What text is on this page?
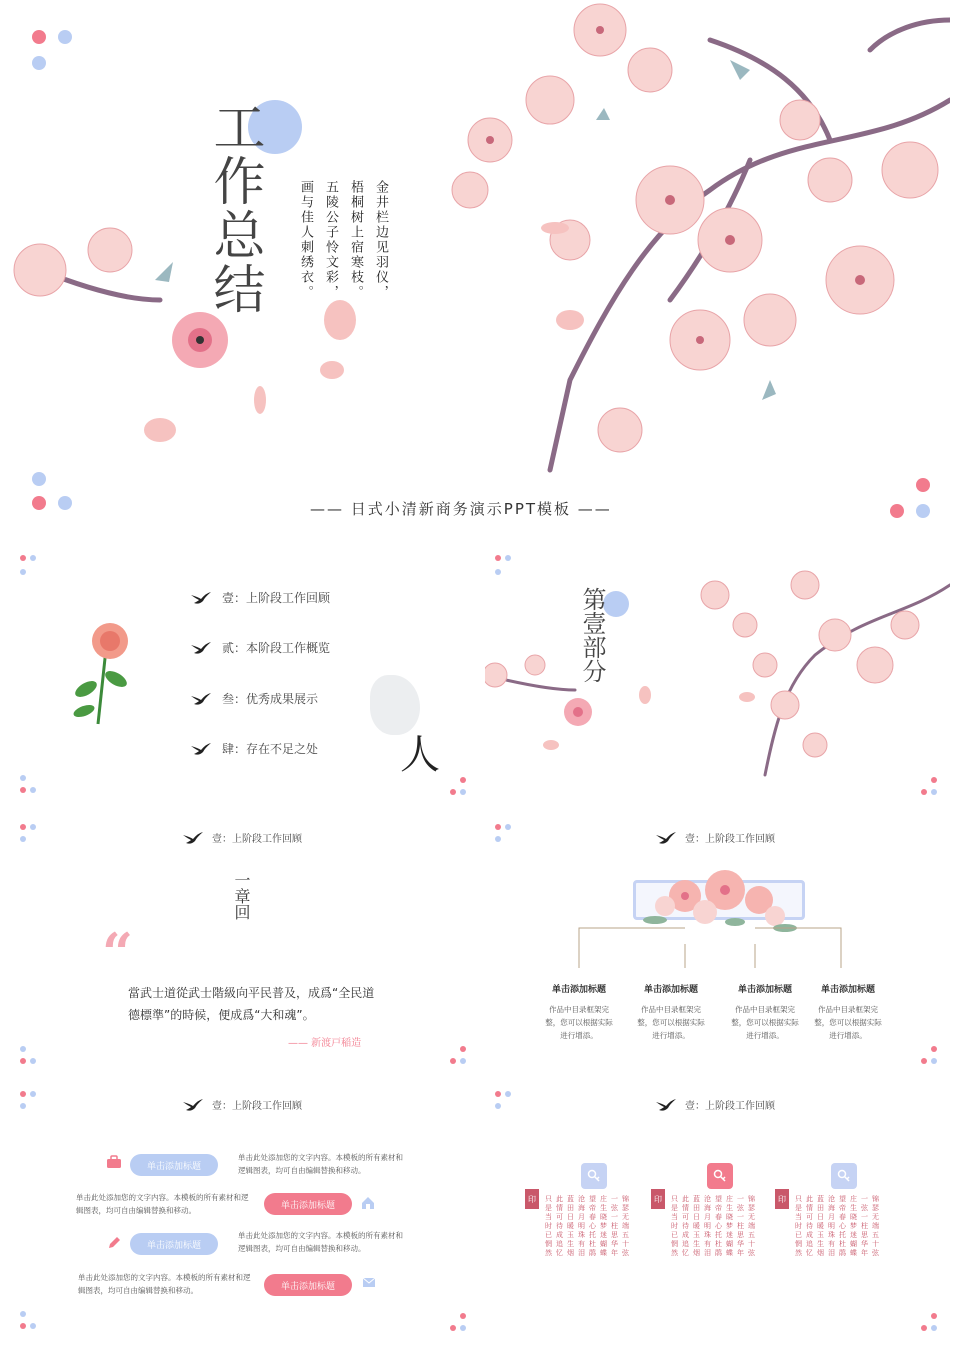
工作总结	金井栏边见羽仪，
梧桐树上宿寒枝。
五陵公子怜文彩，
画与佳人刺绣衣。
—— 日式小清新商务演示PPT模板 ——
壹：上阶段工作回顾
贰：本阶段工作概览
叁：优秀成果展示
肆：存在不足之处 人
第壹部分
壹：上阶段工作回顾
一章回
“
當武士道從武士階級向平民普及，成爲“全民道德標準”的時候，便成爲“大和魂”。
—— 新渡戸稲造
壹：上阶段工作回顾
单击添加标题
作品中目录框架完整，您可以根据实际进行增添。
单击添加标题
作品中目录框架完整，您可以根据实际进行增添。
单击添加标题
作品中目录框架完整，您可以根据实际进行增添。
单击添加标题
作品中目录框架完整，您可以根据实际进行增添。
壹：上阶段工作回顾
单击添加标题
单击此处添加您的文字内容。本模板的所有素材和逻辑图表，均可自由编辑替换和移动。
单击此处添加您的文字内容。本模板的所有素材和逻辑图表，均可自由编辑替换和移动。	单击添加标题
单击添加标题
单击此处添加您的文字内容。本模板的所有素材和逻辑图表，均可自由编辑替换和移动。
单击此处添加您的文字内容。本模板的所有素材和逻辑图表，均可自由编辑替换和移动。	单击添加标题
壹：上阶段工作回顾
印	只是当时已惘然
此情可待成追忆
蓝田日暖玉生烟
沧海月明珠有泪
望帝春心托杜鹃
庄生晓梦迷蝴蝶
一弦一柱思华年
锦瑟无端五十弦
印	只是当时已惘然
此情可待成追忆
蓝田日暖玉生烟
沧海月明珠有泪
望帝春心托杜鹃
庄生晓梦迷蝴蝶
一弦一柱思华年
锦瑟无端五十弦
印	只是当时已惘然
此情可待成追忆
蓝田日暖玉生烟
沧海月明珠有泪
望帝春心托杜鹃
庄生晓梦迷蝴蝶
一弦一柱思华年
锦瑟无端五十弦
